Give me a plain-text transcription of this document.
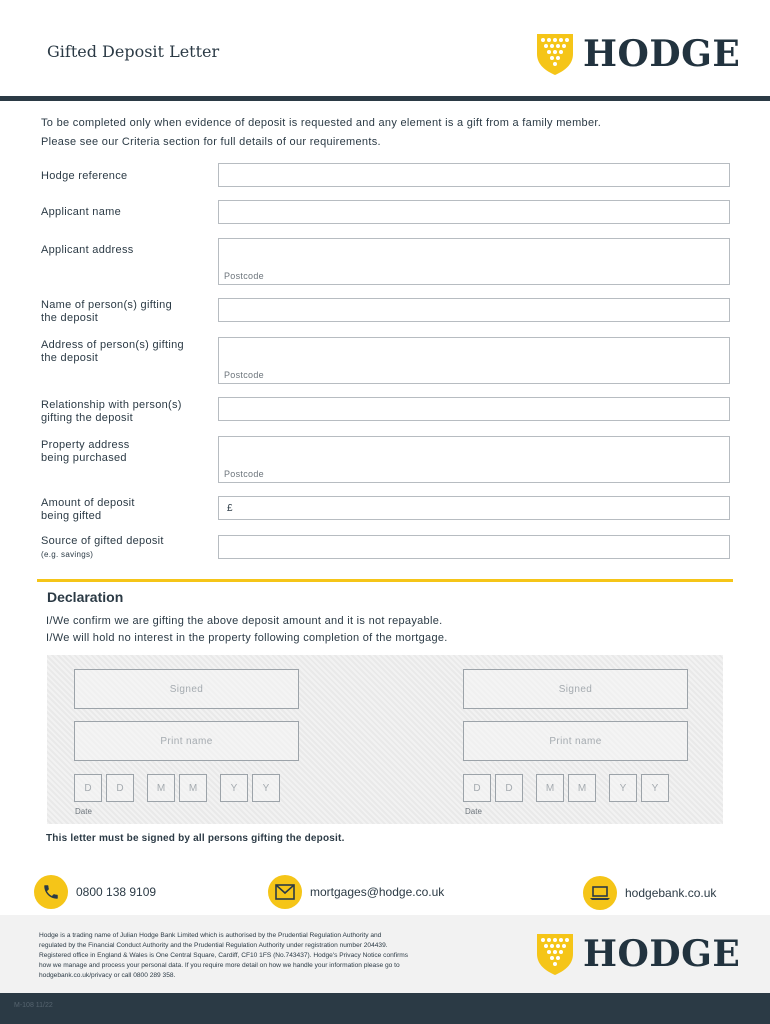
Gifted Deposit Letter	HODGE
To be completed only when evidence of deposit is requested and any element is a gift from a family member.
Please see our Criteria section for full details of our requirements.
Hodge reference
Applicant name
Applicant address
Postcode
Name of person(s) gifting
the deposit
Address of person(s) gifting
the deposit
Postcode
Relationship with person(s)
gifting the deposit
Property address
being purchased
Postcode
Amount of deposit
being gifted
£
Source of gifted deposit
(e.g. savings)
Declaration
I/We confirm we are gifting the above deposit amount and it is not repayable.
I/We will hold no interest in the property following completion of the mortgage.
Signed
Print name
D	D	M	M	Y	Y
Date
Signed
Print name
D	D	M	M	Y	Y
Date
This letter must be signed by all persons gifting the deposit.
0800 138 9109	mortgages@hodge.co.uk	hodgebank.co.uk
Hodge is a trading name of Julian Hodge Bank Limited which is authorised by the Prudential Regulation Authority and
regulated by the Financial Conduct Authority and the Prudential Regulation Authority under registration number 204439.
Registered office in England & Wales is One Central Square, Cardiff, CF10 1FS (No.743437). Hodge's Privacy Notice confirms
how we manage and process your personal data. If you require more detail on how we handle your information please go to
hodgebank.co.uk/privacy or call 0800 289 358.
HODGE
M-108 11/22
